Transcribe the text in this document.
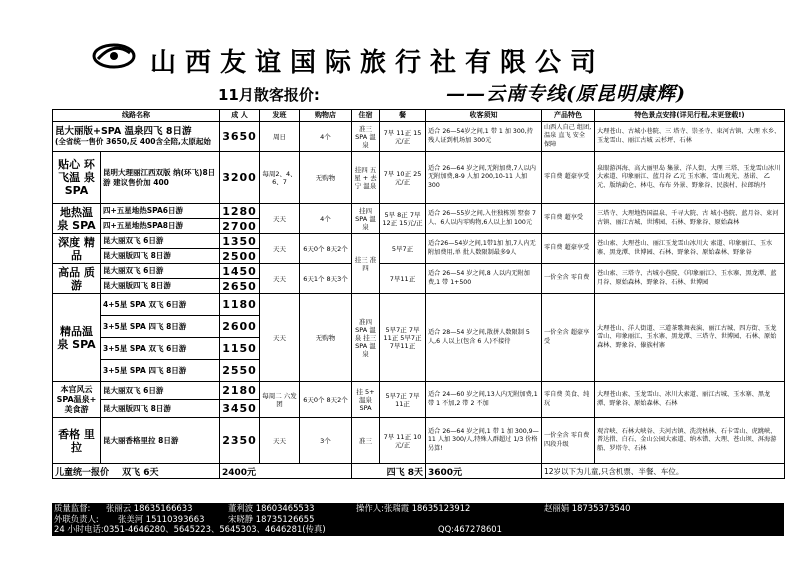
山西友谊国际旅行社有限公司
11月散客报价:	——云南专线(原昆明康辉)
线路名称		成 人	发班	购物店	住宿	餐	收客须知	产品特色	特色景点安排(详见行程,未更登载!)

昆大丽版+SPA 温泉四飞 8日游
(全省统一售价 3650,反 400含全陪,太原起始		3650	周日	4个	准三 SPA 温泉	7早 11正 15元/正	适合 26—54岁之间,1 带 1 加 300,持残人证到机场加 300元	山西人自己 组团,温泉 直飞 安全 保障	大理苍山、古城小巷院、三 塔寺、崇圣寺、束河古镇、大理 水乡、玉龙雪山、丽江古城 云杉坪、石林
贴心 环飞温 泉 SPA	昆明大理丽江西双版 纳(环飞)8日游 建议售价加 400	3200	每周2、4、6、7	无购物	挂四 五星 + 去宁 温泉	7早 10正 25元/正	适合 26—64 岁之间,无附加费,7人以内无附加费,8-9 人加 200,10-11 人加 300	零自费 超豪享受	泉眼游洱海、高大丽里岛 集景、洋人街、大理 三塔、玉龙雪山冰川大索道、印象丽江、蓝月谷 乙元 玉水寨、雪山观光、基诺、 乙元、版纳勐仑、林屯、布布 外景、野象谷、民族村、拉郎纳丹
地热温 泉 SPA	四+五星地热SPA6日游	1280	天天	4个	挂四 SPA 温泉	5早 8正 7早 12正 15元/正	适合 26—55岁之间,入住独栋别 墅套 7人、6人以内零购物,6人以上加 100元	零自费 超享受	三塔寺、大理地热国温泉、千寻大院、古 城小巷院、蓝月谷、束河古镇、丽江古城、世博园、石林、野象谷、原始森林
	四+五星地热SPA8日游	2700							
深度 精品	昆大丽双飞 6日游	1350	天天	6天0个 8天2个	挂三 准四	5早7正	适合26—54岁之间,1带1加 加,7人内无附加费用,单 批人数限制最多9人	零自费 超豪享受	苍山索、大理苍山、丽江玉龙雪山冰川大 索道、印象丽江、玉水寨、黑龙潭、世博园、石林、野象谷、原始森林、野象谷
	昆大丽版四飞 8日游	2500							
高品 质游	昆大丽双飞 6日游	1450	天天	6天1个 8天3个		7早11正	适合 26—54 岁之间,8 人以内无附加费,1 带 1+500	一价全含 零自费	苍山索、三塔寺、古城小巷院、《印象丽江》、玉水寨、黑龙潭、蓝月谷、原始森林、野象谷、石林、世博园
	昆大丽版四飞 8日游	2650							
精品温 泉 SPA	4+5星 SPA 双飞 6日游	1180	天天	无购物	准四 SPA 温泉 挂三 SPA 温泉	5早7正 7早11正 5早7正 7早11正	适合 28—54 岁之间,散拼人数限制 5 人,6 人以上(包含 6 人)不接待	一价全含 超豪享受	大理苍山、洋人街道、三道茶歌舞表演、丽江古城、四方街、玉龙雪山、印象丽江、玉水寨、黑龙潭、三塔寺、世博园、石林、原始森林、野象谷、傣族村寨
	3+5星 SPA 四飞 8日游	2600							
	3+5星 SPA 双飞 6日游	1150							
	3+5星 SPA 四飞 8日游	2550							
本宫风云 SPA温泉+ 美食游	昆大丽双飞 6日游	2180	每周二 六发团	6天0个 8天2个	挂 5+ 温泉 SPA	5早7正 7早11正	适合 24—60 岁之间,13人内无附加费,1 带 1 不加,2 带 2 不加	零自费 美食、纯玩	大理苍山索、玉龙雪山、冰川大索道、丽江古城、玉水寨、黑龙潭、野象谷、原始森林、石林
	昆大丽版四飞 8日游	3450							
香格 里拉	昆大丽香格里拉 8日游	2350	天天	3个	准三	7早 11正 10元/正	适合 26—64 岁之间,1 带 1 加 300,9—11 人加 300/人,特殊人群超过 1/3 价格另算!	一价全含 零自费 四段升级	观音峡、石林大峡谷、夫河古镇、洗浣枯林、石卡雪山、虎跳峡、普达措、白石、金山公园大索道、纳木错、大理、苍山坝、洱海游船、罗塔寺、石林
儿童统一报价 双飞 6天		2400元			四飞 8天		3600元	12岁以下为儿童,只含机票、半餐、车位。	
质量监督: 张丽云 18635166633	董利波 18603465533	操作人:张瑞霞 18635123912	赵丽娟 18735373540
外联负责人: 张美河 15110393663	宋晓静 18735126655
24 小时电话:0351-4646280、5645223、5645303、4646281(传真)	QQ:467278601
